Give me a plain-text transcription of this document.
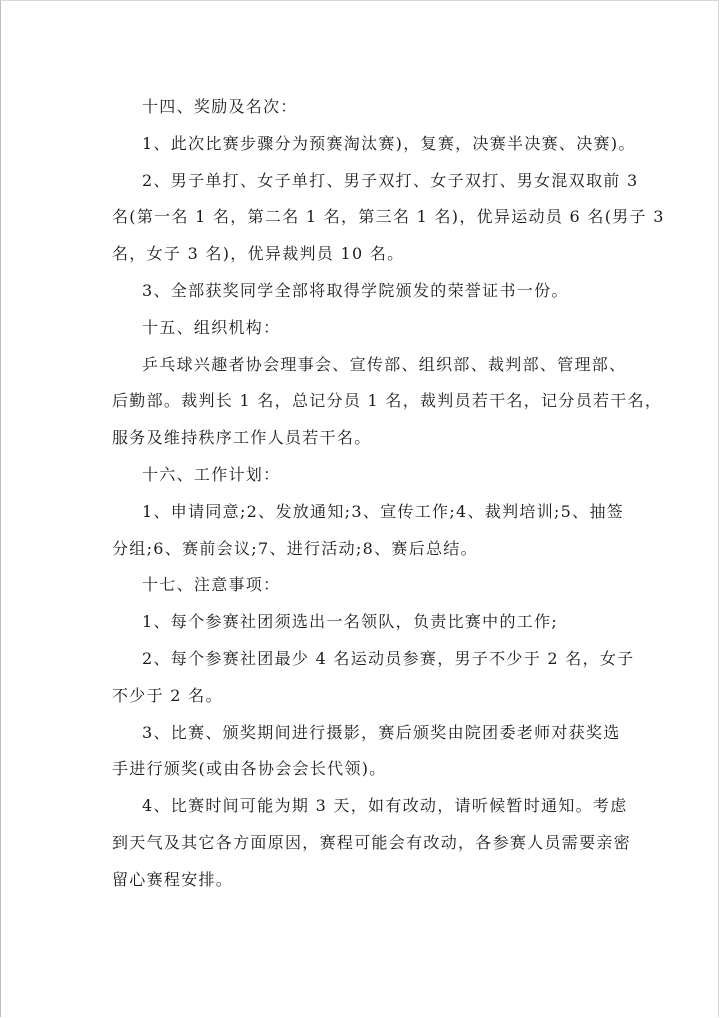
十四、奖励及名次：
1、此次比赛步骤分为预赛淘汰赛)，复赛，决赛半决赛、决赛)。
2、男子单打、女子单打、男子双打、女子双打、男女混双取前 3
名(第一名 1 名，第二名 1 名，第三名 1 名)，优异运动员 6 名(男子 3
名，女子 3 名)，优异裁判员 10 名。
3、全部获奖同学全部将取得学院颁发的荣誉证书一份。
十五、组织机构：
乒乓球兴趣者协会理事会、宣传部、组织部、裁判部、管理部、
后勤部。裁判长 1 名，总记分员 1 名，裁判员若干名，记分员若干名，
服务及维持秩序工作人员若干名。
十六、工作计划：
1、申请同意;2、发放通知;3、宣传工作;4、裁判培训;5、抽签
分组;6、赛前会议;7、进行活动;8、赛后总结。
十七、注意事项：
1、每个参赛社团须选出一名领队，负责比赛中的工作;
2、每个参赛社团最少 4 名运动员参赛，男子不少于 2 名，女子
不少于 2 名。
3、比赛、颁奖期间进行摄影，赛后颁奖由院团委老师对获奖选
手进行颁奖(或由各协会会长代领)。
4、比赛时间可能为期 3 天，如有改动，请听候暂时通知。考虑
到天气及其它各方面原因，赛程可能会有改动，各参赛人员需要亲密
留心赛程安排。
